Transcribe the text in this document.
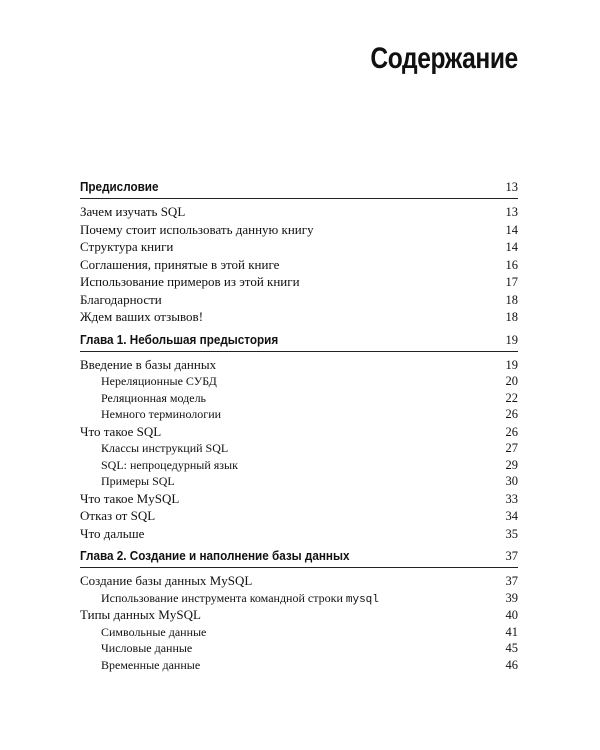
Содержание
Предисловие	13
Зачем изучать SQL	13
Почему стоит использовать данную книгу	14
Структура книги	14
Соглашения, принятые в этой книге	16
Использование примеров из этой книги	17
Благодарности	18
Ждем ваших отзывов!	18
Глава 1. Небольшая предыстория	19
Введение в базы данных	19
Нереляционные СУБД	20
Реляционная модель	22
Немного терминологии	26
Что такое SQL	26
Классы инструкций SQL	27
SQL: непроцедурный язык	29
Примеры SQL	30
Что такое MySQL	33
Отказ от SQL	34
Что дальше	35
Глава 2. Создание и наполнение базы данных	37
Создание базы данных MySQL	37
Использование инструмента командной строки mysql	39
Типы данных MySQL	40
Символьные данные	41
Числовые данные	45
Временные данные	46
